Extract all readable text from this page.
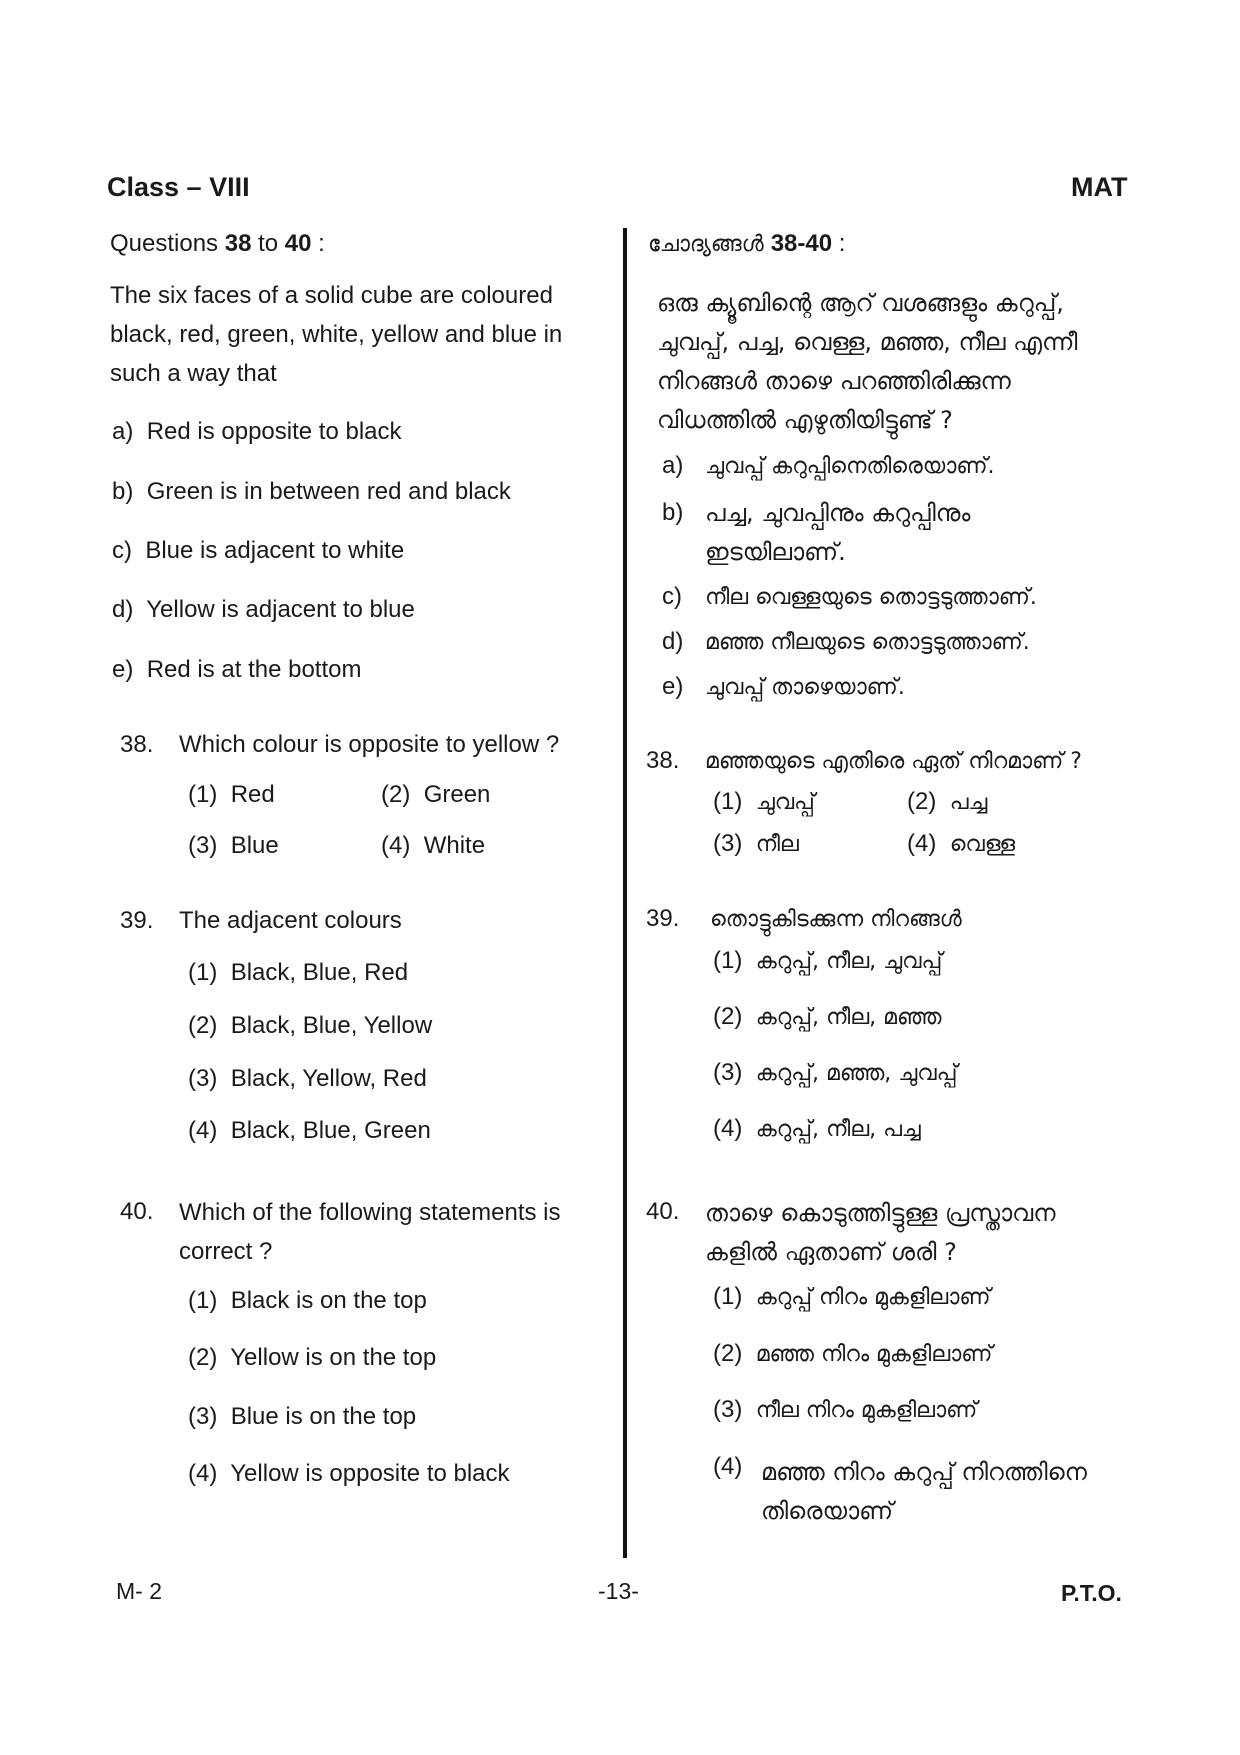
Class – VIII	MAT
Questions 38 to 40 :
The six faces of a solid cube are coloured
black, red, green, white, yellow and blue in
such a way that
a) Red is opposite to black
b) Green is in between red and black
c) Blue is adjacent to white
d) Yellow is adjacent to blue
e) Red is at the bottom
38. Which colour is opposite to yellow ?
(1) Red	(2) Green
(3) Blue	(4) White
39. The adjacent colours
(1) Black, Blue, Red
(2) Black, Blue, Yellow
(3) Black, Yellow, Red
(4) Black, Blue, Green
40. Which of the following statements is
correct ?
(1) Black is on the top
(2) Yellow is on the top
(3) Blue is on the top
(4) Yellow is opposite to black
ചോദ്യങ്ങൾ 38-40 :
ഒരു ക്യൂബിന്റെ ആറ് വശങ്ങളും കറുപ്പ്,
ചുവപ്പ്, പച്ച, വെള്ള, മഞ്ഞ, നീല എന്നീ
നിറങ്ങൾ താഴെ പറഞ്ഞിരിക്കുന്ന
വിധത്തിൽ എഴുതിയിട്ടുണ്ട് ?
a) ചുവപ്പ് കറുപ്പിനെതിരെയാണ്.
b) പച്ച, ചുവപ്പിനും കറുപ്പിനും
ഇടയിലാണ്.
c) നീല വെള്ളയുടെ തൊട്ടടുത്താണ്.
d) മഞ്ഞ നീലയുടെ തൊട്ടടുത്താണ്.
e) ചുവപ്പ് താഴെയാണ്.
38. മഞ്ഞയുടെ എതിരെ ഏത് നിറമാണ് ?
(1) ചുവപ്പ്	(2) പച്ച
(3) നീല	(4) വെള്ള
39. തൊട്ടുകിടക്കുന്ന നിറങ്ങൾ
(1) കറുപ്പ്, നീല, ചുവപ്പ്
(2) കറുപ്പ്, നീല, മഞ്ഞ
(3) കറുപ്പ്, മഞ്ഞ, ചുവപ്പ്
(4) കറുപ്പ്, നീല, പച്ച
40. താഴെ കൊടുത്തിട്ടുള്ള പ്രസ്താവന
കളിൽ ഏതാണ് ശരി ?
(1) കറുപ്പ് നിറം മുകളിലാണ്
(2) മഞ്ഞ നിറം മുകളിലാണ്
(3) നീല നിറം മുകളിലാണ്
(4) മഞ്ഞ നിറം കറുപ്പ് നിറത്തിനെ
തിരെയാണ്
M- 2	-13-	P.T.O.
